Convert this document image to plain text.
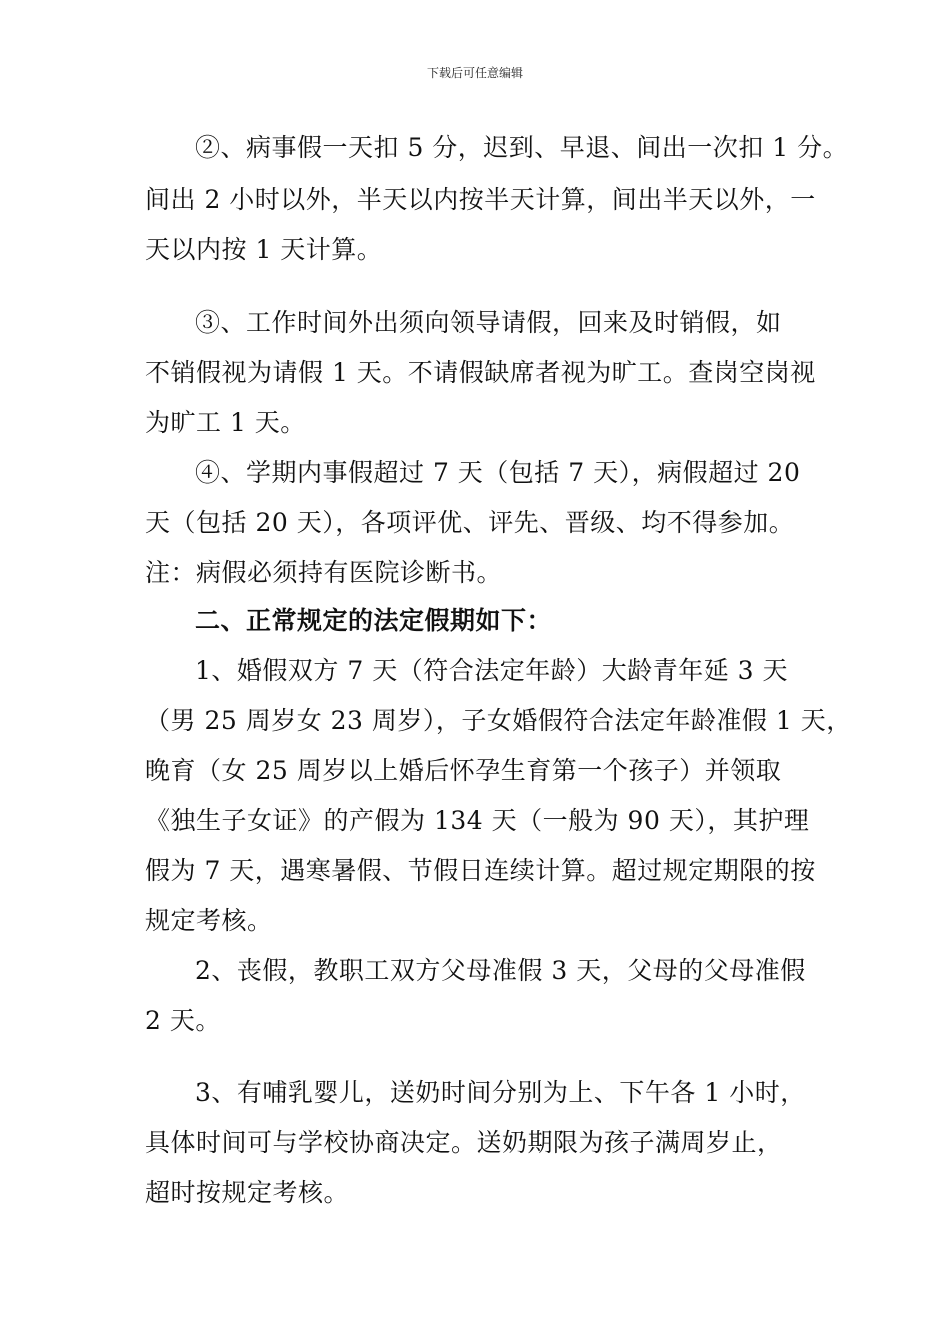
下载后可任意编辑
②、病事假一天扣 5 分，迟到、早退、间出一次扣 1 分。
间出 2 小时以外，半天以内按半天计算，间出半天以外，一
天以内按 1 天计算。
③、工作时间外出须向领导请假，回来及时销假，如
不销假视为请假 1 天。不请假缺席者视为旷工。查岗空岗视
为旷工 1 天。
④、学期内事假超过 7 天（包括 7 天），病假超过 20
天（包括 20 天），各项评优、评先、晋级、均不得参加。
注：病假必须持有医院诊断书。
二、正常规定的法定假期如下：
1、婚假双方 7 天（符合法定年龄）大龄青年延 3 天
（男 25 周岁女 23 周岁），子女婚假符合法定年龄准假 1 天，
晚育（女 25 周岁以上婚后怀孕生育第一个孩子）并领取
《独生子女证》的产假为 134 天（一般为 90 天），其护理
假为 7 天，遇寒暑假、节假日连续计算。超过规定期限的按
规定考核。
2、丧假，教职工双方父母准假 3 天，父母的父母准假
2 天。
3、有哺乳婴儿，送奶时间分别为上、下午各 1 小时，
具体时间可与学校协商决定。送奶期限为孩子满周岁止，
超时按规定考核。
